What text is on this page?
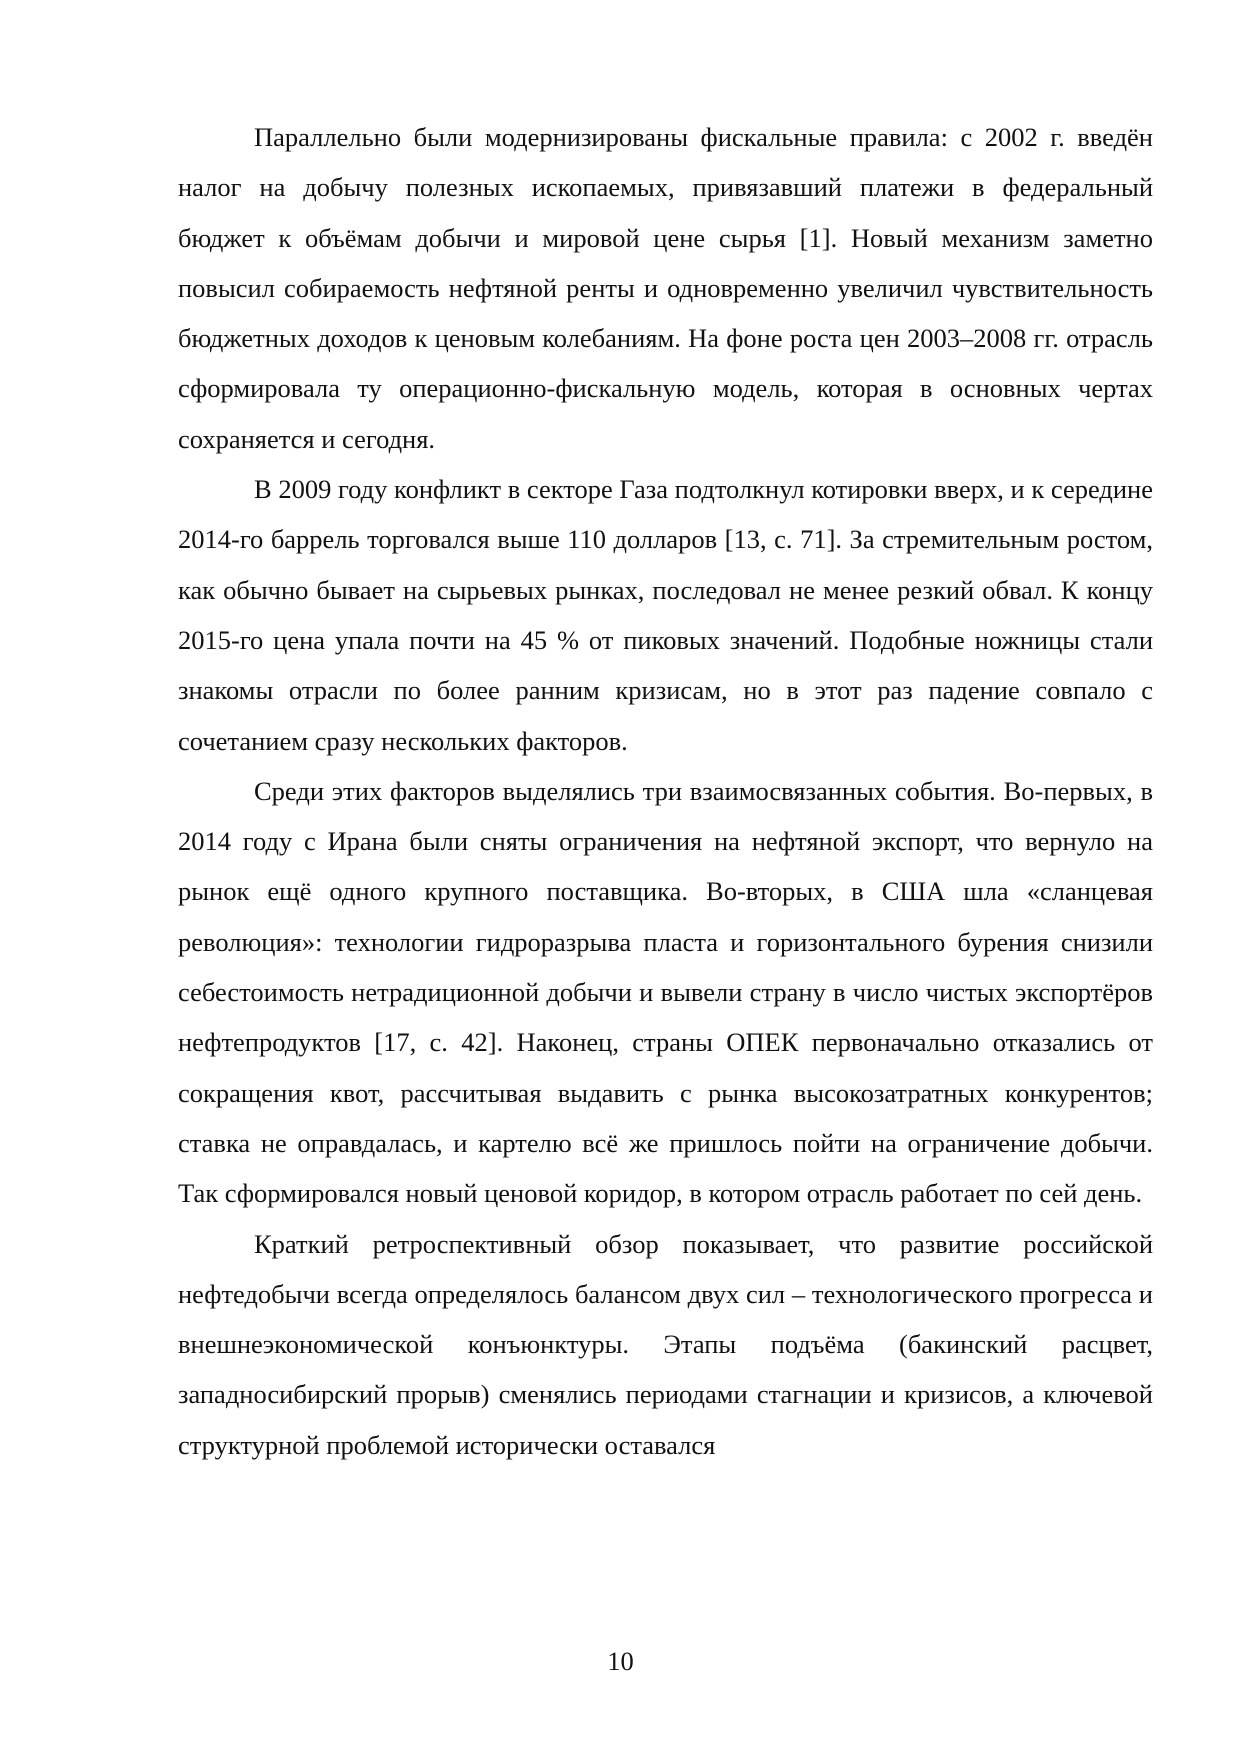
Параллельно были модернизированы фискальные правила: с 2002 г. введён налог на добычу полезных ископаемых, привязавший платежи в федеральный бюджет к объёмам добычи и мировой цене сырья [1]. Новый механизм заметно повысил собираемость нефтяной ренты и одновременно увеличил чувствительность бюджетных доходов к ценовым колебаниям. На фоне роста цен 2003–2008 гг. отрасль сформировала ту операционно-фискальную модель, которая в основных чертах сохраняется и сегодня.

В 2009 году конфликт в секторе Газа подтолкнул котировки вверх, и к середине 2014-го баррель торговался выше 110 долларов [13, с. 71]. За стремительным ростом, как обычно бывает на сырьевых рынках, последовал не менее резкий обвал. К концу 2015-го цена упала почти на 45 % от пиковых значений. Подобные ножницы стали знакомы отрасли по более ранним кризисам, но в этот раз падение совпало с сочетанием сразу нескольких факторов.

Среди этих факторов выделялись три взаимосвязанных события. Во-первых, в 2014 году с Ирана были сняты ограничения на нефтяной экспорт, что вернуло на рынок ещё одного крупного поставщика. Во-вторых, в США шла «сланцевая революция»: технологии гидроразрыва пласта и горизонтального бурения снизили себестоимость нетрадиционной добычи и вывели страну в число чистых экспортёров нефтепродуктов [17, с. 42]. Наконец, страны ОПЕК первоначально отказались от сокращения квот, рассчитывая выдавить с рынка высокозатратных конкурентов; ставка не оправдалась, и картелю всё же пришлось пойти на ограничение добычи. Так сформировался новый ценовой коридор, в котором отрасль работает по сей день.

Краткий ретроспективный обзор показывает, что развитие российской нефтедобычи всегда определялось балансом двух сил – технологического прогресса и внешнеэкономической конъюнктуры. Этапы подъёма (бакинский расцвет, западносибирский прорыв) сменялись периодами стагнации и кризисов, а ключевой структурной проблемой исторически оставался

10
